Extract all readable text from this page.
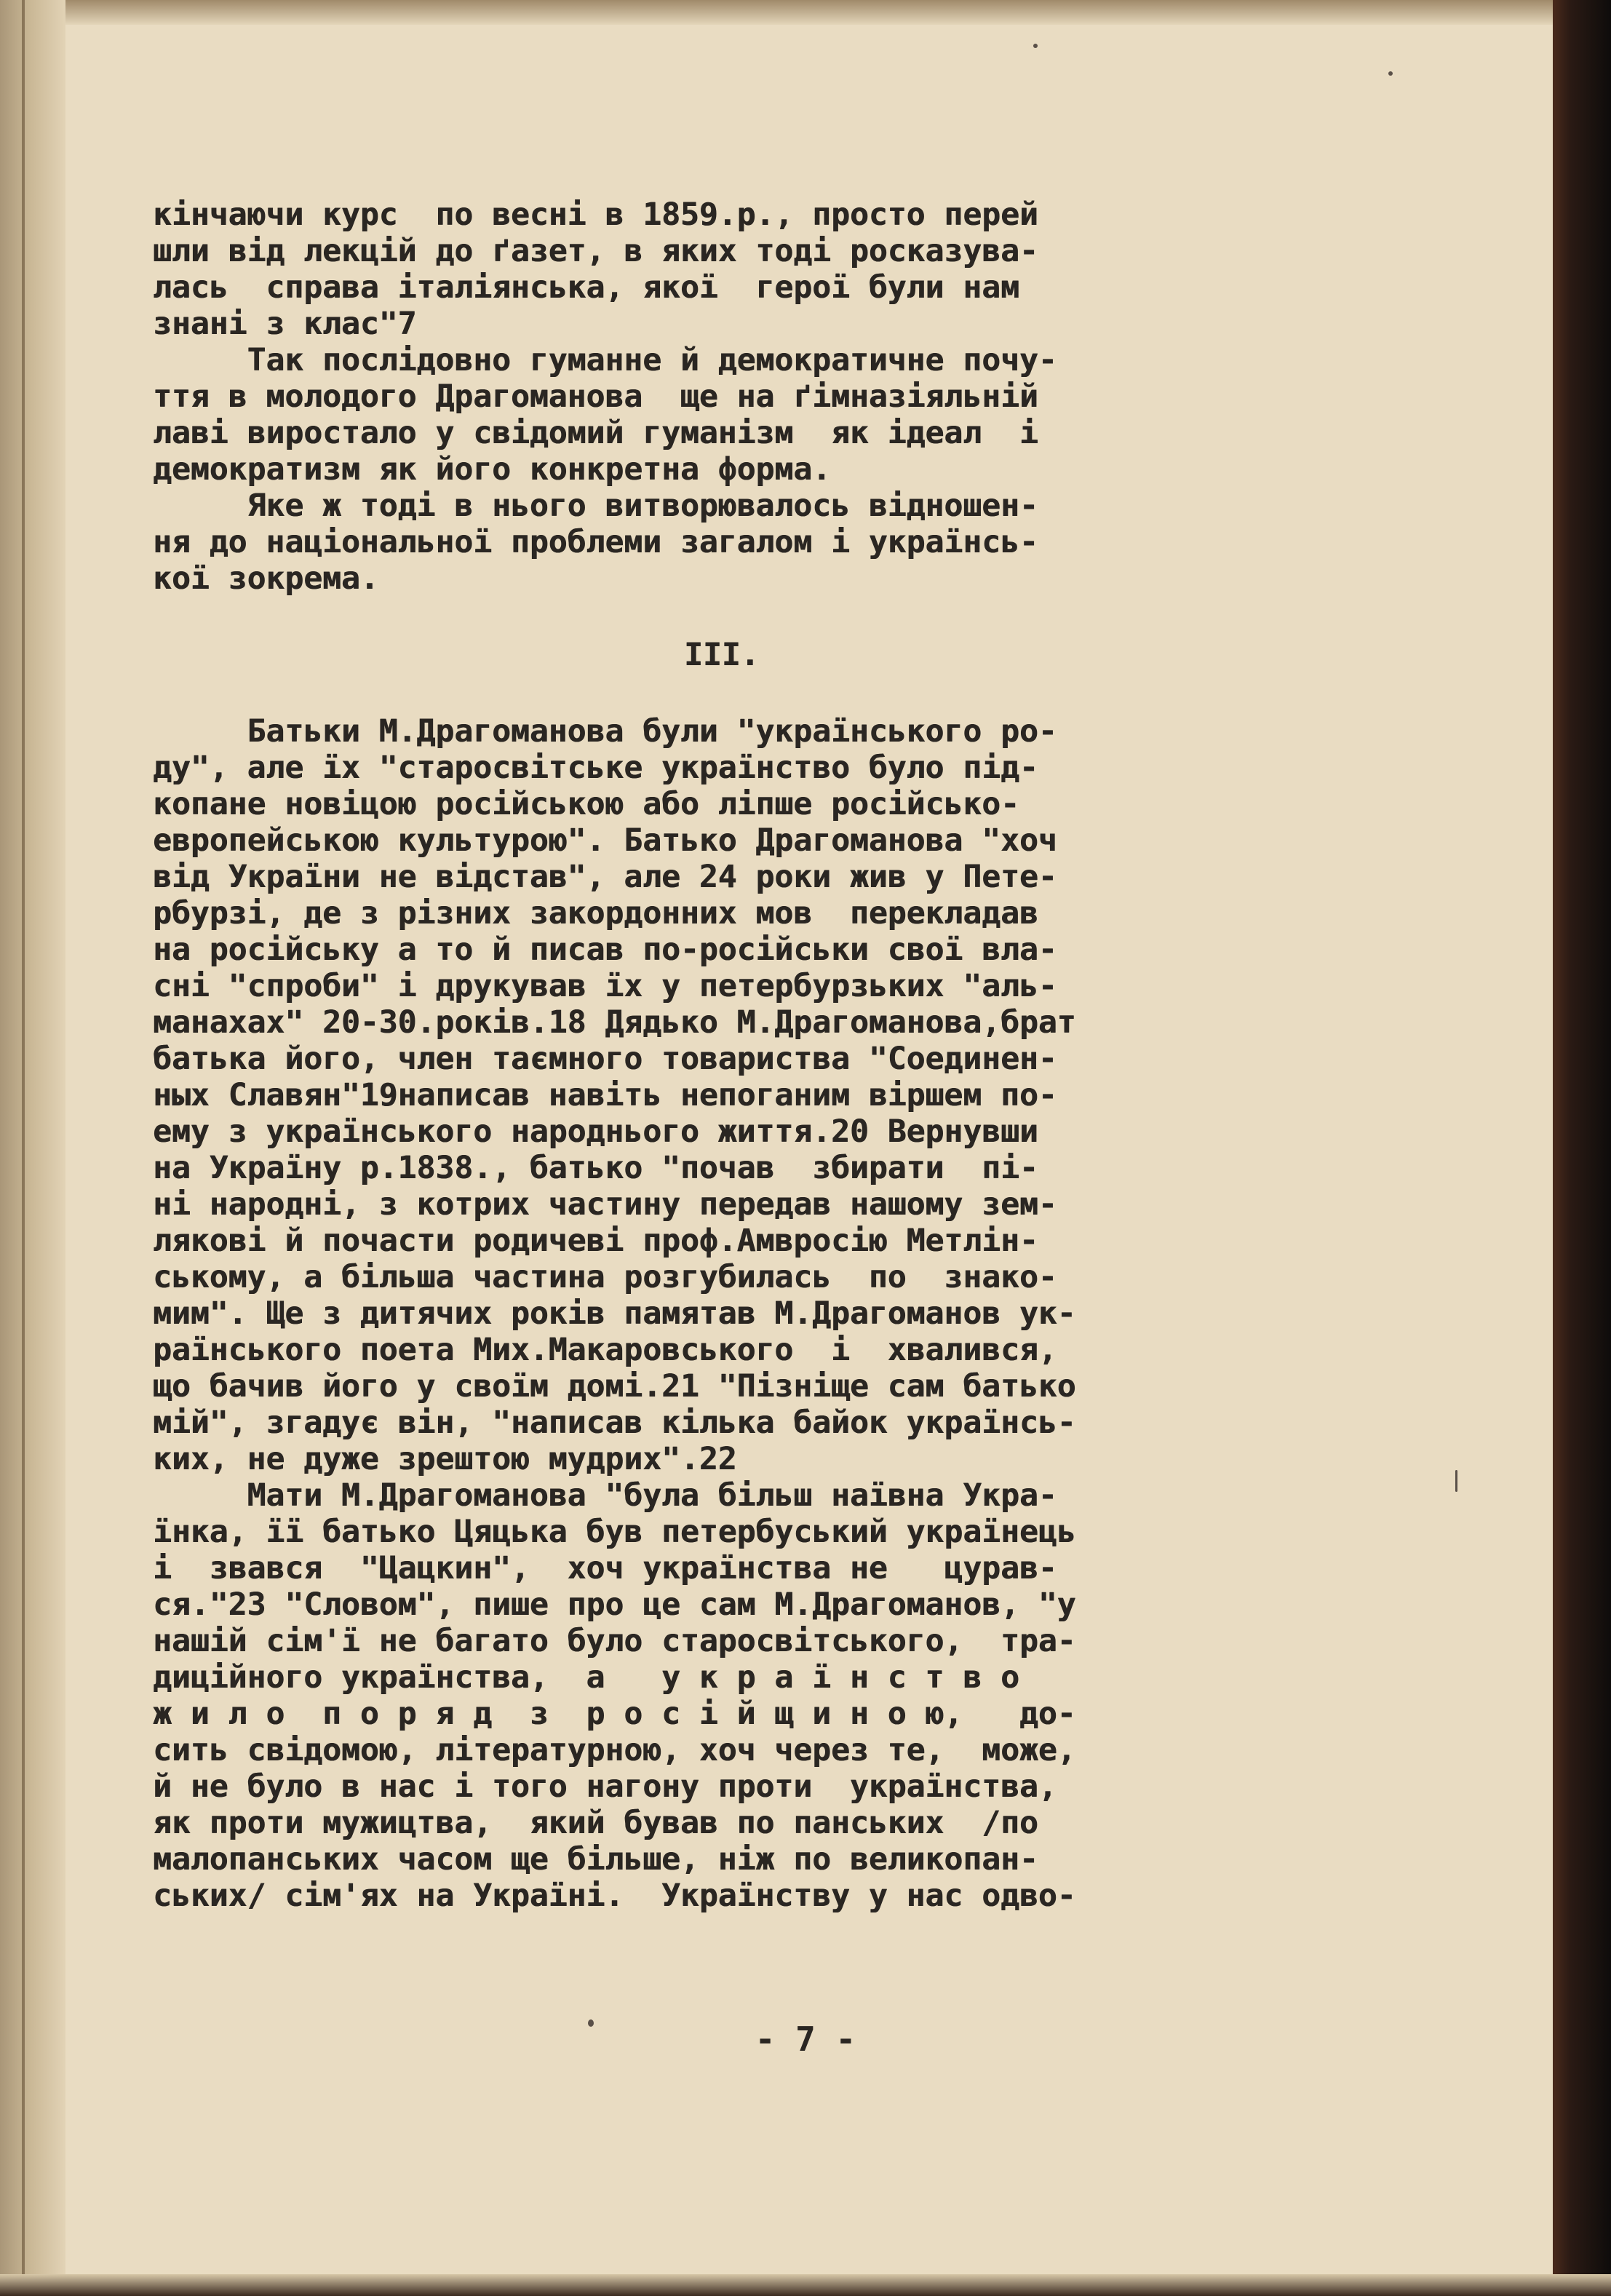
кінчаючи курс  по весні в 1859.р., просто перей
шли від лекцій до ґазет, в яких тоді росказува-
лась  справа італіянська, якої  герої були нам
знані з клас"7
Так послідовно гуманне й демократичне почу-
ття в молодого Драгоманова  ще на ґімназіяльній
лаві виростало у свідомий гуманізм  як ідеал  і
демократизм як його конкретна форма.
Яке ж тоді в нього витворювалось відношен-
ня до національної проблеми загалом і українсь-
кої зокрема.
III.
Батьки М.Драгоманова були "українського ро-
ду", але їх "старосвітське українство було під-
копане новіцою російською або ліпше російсько-
европейською культурою". Батько Драгоманова "хоч
від України не відстав", але 24 роки жив у Пете-
рбурзі, де з різних закордонних мов  перекладав
на російську а то й писав по-російськи свої вла-
сні "спроби" і друкував їх у петербурзьких "аль-
манахах" 20-30.років.18 Дядько М.Драгоманова,брат
батька його, член таємного товариства "Соединен-
ных Славян"19написав навіть непоганим віршем по-
ему з українського народнього життя.20 Вернувши
на Україну р.1838., батько "почав  збирати  пі-
ні народні, з котрих частину передав нашому зем-
лякові й почасти родичеві проф.Амвросію Метлін-
ському, а більша частина розгубилась  по  знако-
мим". Ще з дитячих років памятав М.Драгоманов ук-
раїнського поета Мих.Макаровського  і  хвалився,
що бачив його у своїм домі.21 "Пізніще сам батько
мій", згадує він, "написав кілька байок українсь-
ких, не дуже зрештою мудрих".22
Мати М.Драгоманова "була більш наївна Укра-
їнка, її батько Цяцька був петербуський українець
і  звався  "Цацкин",  хоч українства не   цурав-
ся."23 "Словом", пише про це сам М.Драгоманов, "у
нашій сім'ї не багато було старосвітського,  тра-
диційного українства,  а   у к р а ї н с т в о
ж и л о  п о р я д  з  р о с і й щ и н о ю,   до-
сить свідомою, літературною, хоч через те,  може,
й не було в нас і того нагону проти  українства,
як проти мужицтва,  який бував по панських  /по
малопанських часом ще більше, ніж по великопан-
ських/ сім'ях на Україні.  Українству у нас одво-
- 7 -
